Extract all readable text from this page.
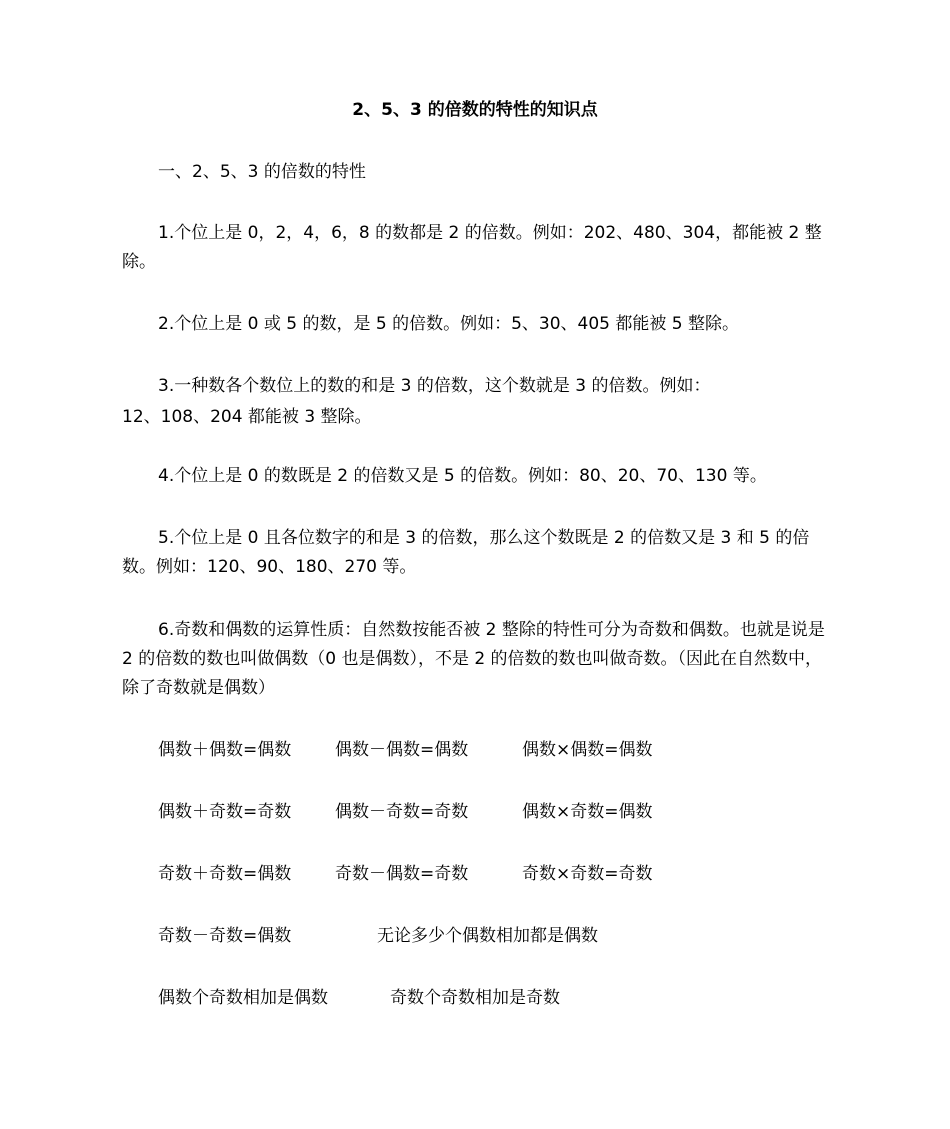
2、5、3 的倍数的特性的知识点
一、2、5、3 的倍数的特性

1.个位上是 0，2，4，6，8 的数都是 2 的倍数。例如：202、480、304，都能被 2 整除。

2.个位上是 0 或 5 的数，是 5 的倍数。例如：5、30、405 都能被 5 整除。

3.一种数各个数位上的数的和是 3 的倍数，这个数就是 3 的倍数。例如：

12、108、204 都能被 3 整除。

4.个位上是 0 的数既是 2 的倍数又是 5 的倍数。例如：80、20、70、130 等。

5.个位上是 0 且各位数字的和是 3 的倍数，那么这个数既是 2 的倍数又是 3 和 5 的倍数。例如：120、90、180、270 等。

6.奇数和偶数的运算性质：自然数按能否被 2 整除的特性可分为奇数和偶数。也就是说是 2 的倍数的数也叫做偶数（0 也是偶数），不是 2 的倍数的数也叫做奇数。（因此在自然数中，除了奇数就是偶数）

偶数＋偶数=偶数	偶数－偶数=偶数	偶数×偶数=偶数
偶数＋奇数=奇数	偶数－奇数=奇数	偶数×奇数=偶数
奇数＋奇数=偶数	奇数－偶数=奇数	奇数×奇数=奇数
奇数－奇数=偶数	无论多少个偶数相加都是偶数
偶数个奇数相加是偶数	奇数个奇数相加是奇数
